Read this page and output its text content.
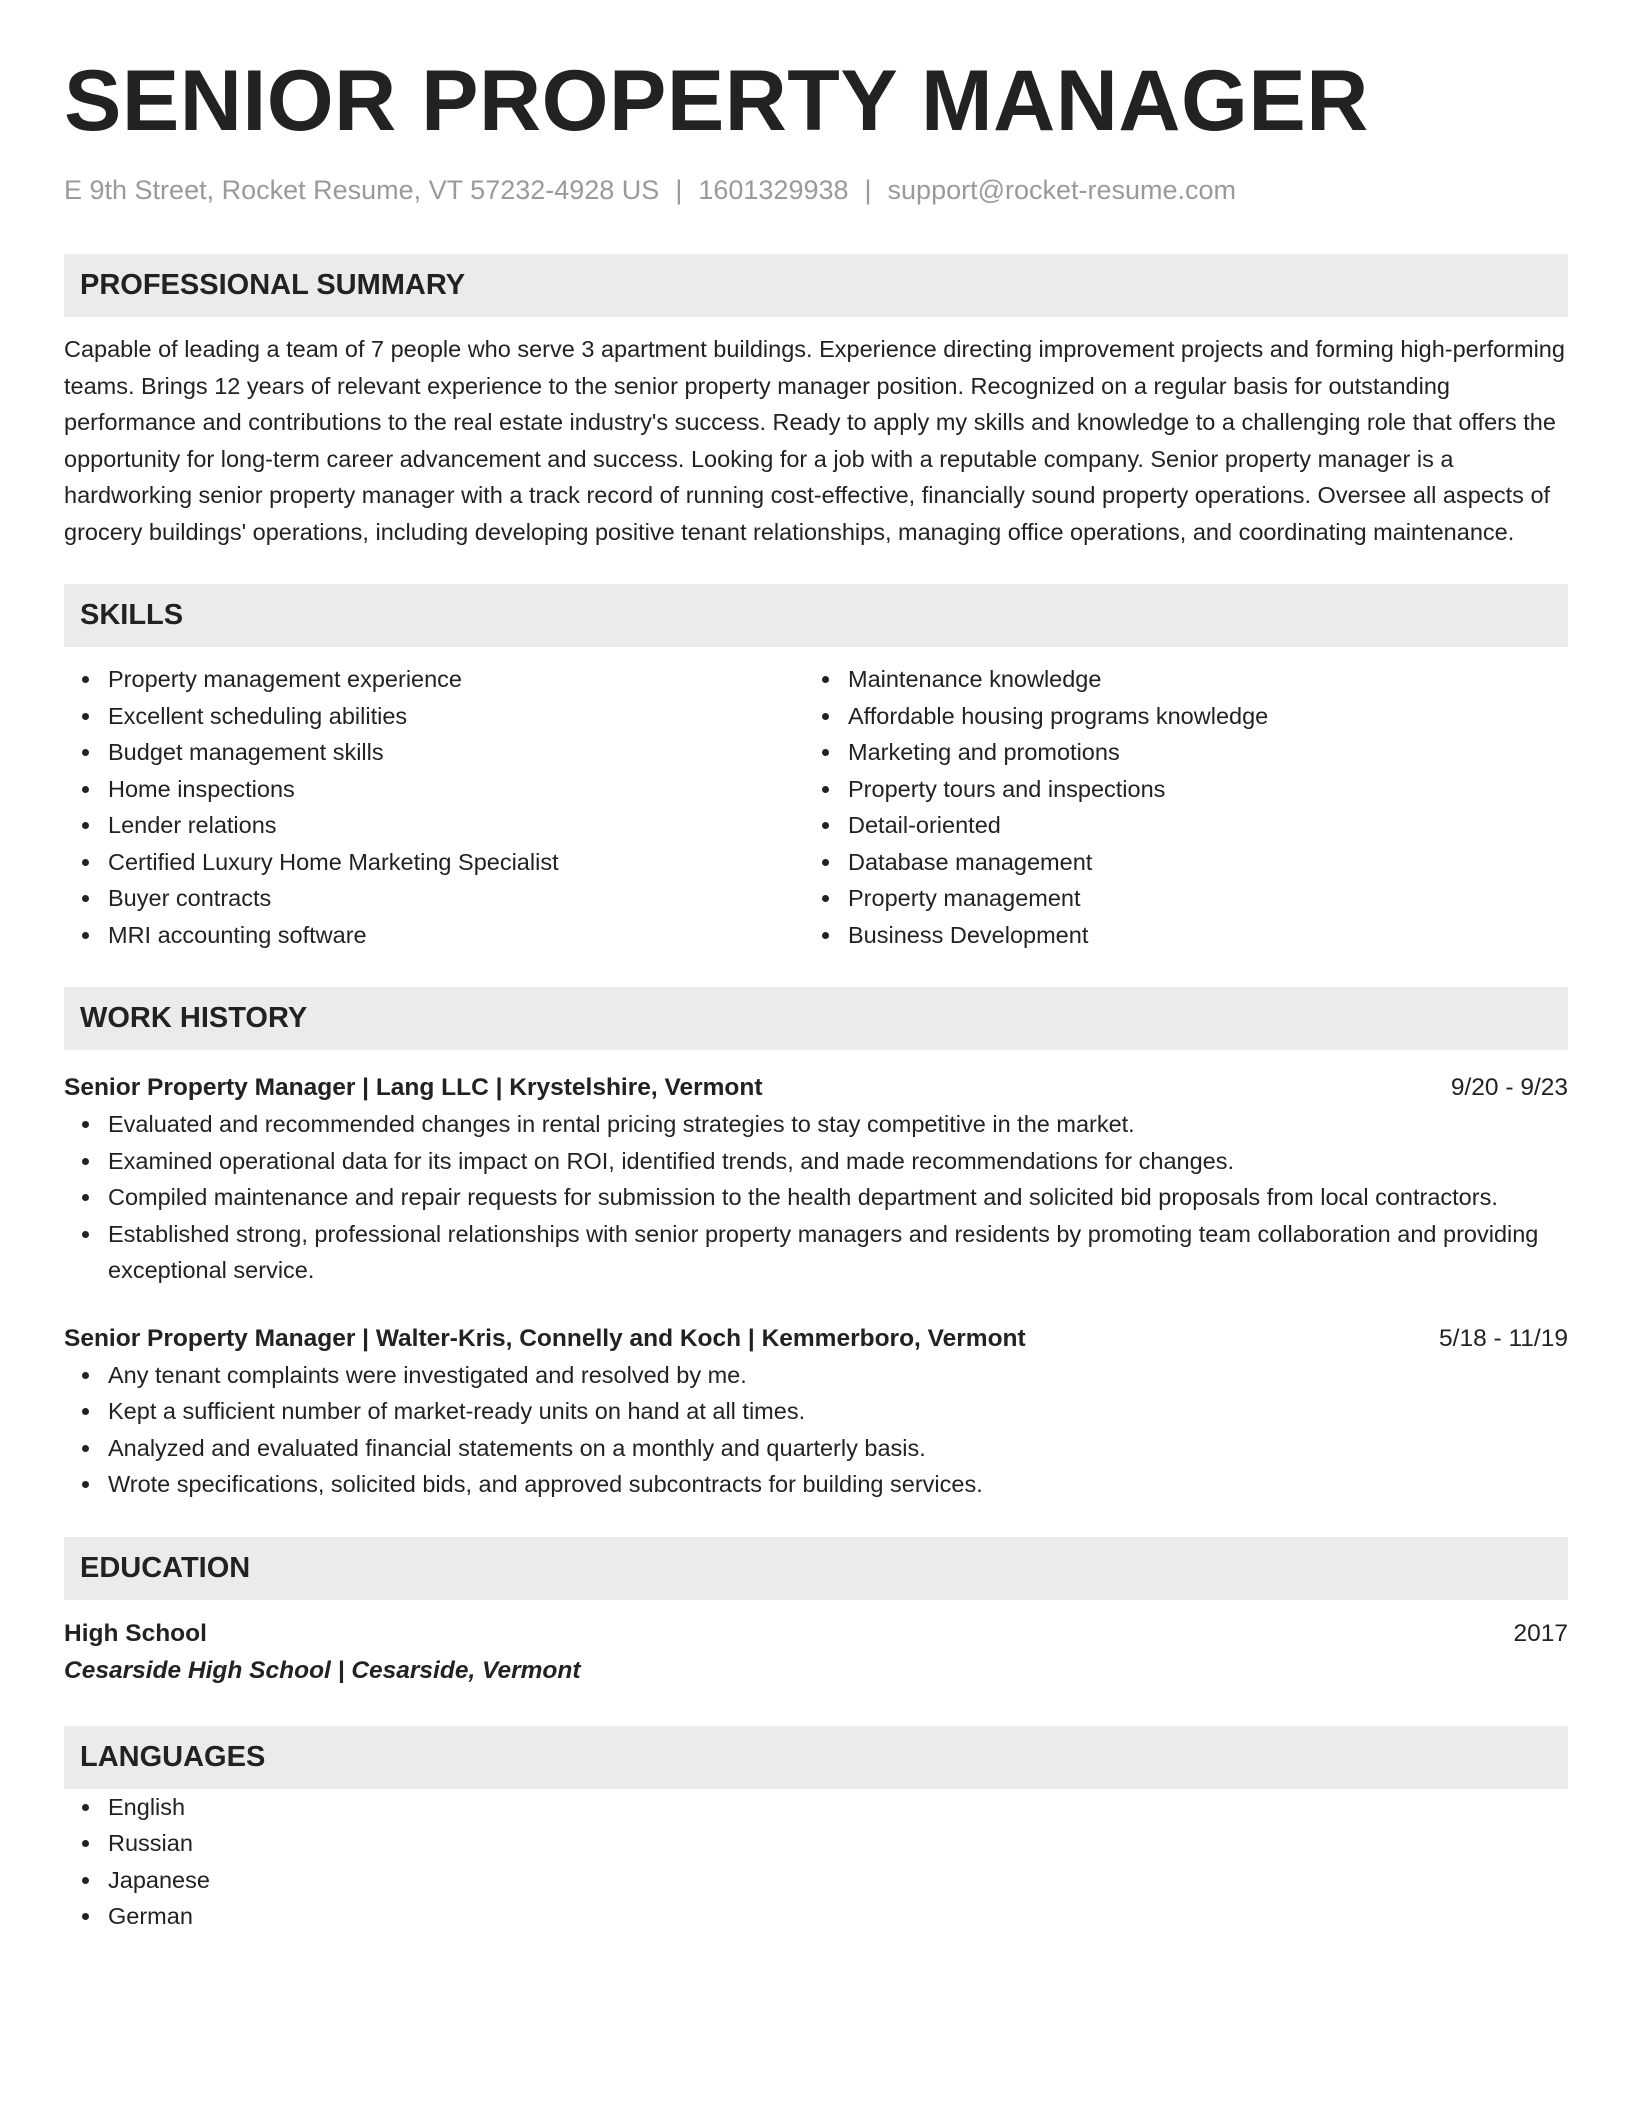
SENIOR PROPERTY MANAGER
E 9th Street, Rocket Resume, VT 57232-4928 US | 1601329938 | support@rocket-resume.com
PROFESSIONAL SUMMARY
Capable of leading a team of 7 people who serve 3 apartment buildings. Experience directing improvement projects and forming high-performing teams. Brings 12 years of relevant experience to the senior property manager position. Recognized on a regular basis for outstanding performance and contributions to the real estate industry's success. Ready to apply my skills and knowledge to a challenging role that offers the opportunity for long-term career advancement and success. Looking for a job with a reputable company. Senior property manager is a hardworking senior property manager with a track record of running cost-effective, financially sound property operations. Oversee all aspects of grocery buildings' operations, including developing positive tenant relationships, managing office operations, and coordinating maintenance.
SKILLS
Property management experience
Excellent scheduling abilities
Budget management skills
Home inspections
Lender relations
Certified Luxury Home Marketing Specialist
Buyer contracts
MRI accounting software
Maintenance knowledge
Affordable housing programs knowledge
Marketing and promotions
Property tours and inspections
Detail-oriented
Database management
Property management
Business Development
WORK HISTORY
Senior Property Manager | Lang LLC | Krystelshire, Vermont	9/20 - 9/23
Evaluated and recommended changes in rental pricing strategies to stay competitive in the market.
Examined operational data for its impact on ROI, identified trends, and made recommendations for changes.
Compiled maintenance and repair requests for submission to the health department and solicited bid proposals from local contractors.
Established strong, professional relationships with senior property managers and residents by promoting team collaboration and providing exceptional service.
Senior Property Manager | Walter-Kris, Connelly and Koch | Kemmerboro, Vermont	5/18 - 11/19
Any tenant complaints were investigated and resolved by me.
Kept a sufficient number of market-ready units on hand at all times.
Analyzed and evaluated financial statements on a monthly and quarterly basis.
Wrote specifications, solicited bids, and approved subcontracts for building services.
EDUCATION
High School	2017
Cesarside High School | Cesarside, Vermont
LANGUAGES
English
Russian
Japanese
German
